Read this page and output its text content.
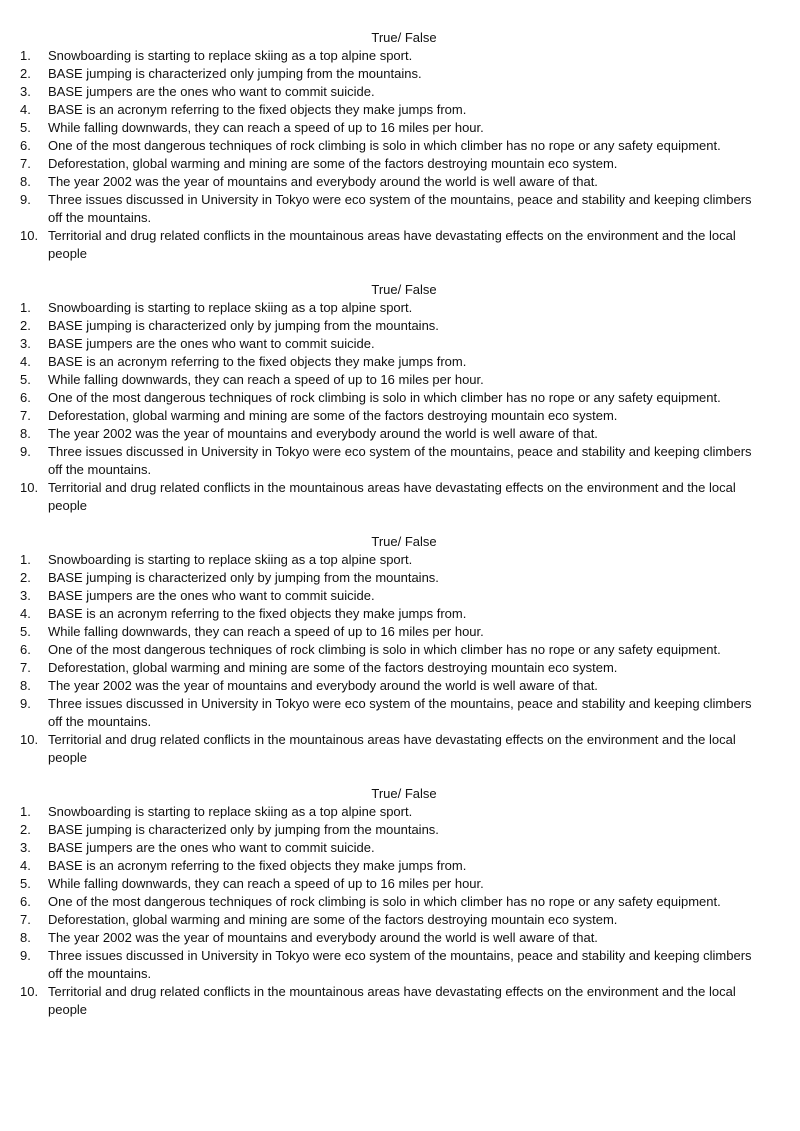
True/ False

1. Snowboarding is starting to replace skiing as a top alpine sport.
2. BASE jumping is characterized only jumping from the mountains.
3. BASE jumpers are the ones who want to commit suicide.
4. BASE is an acronym referring to the fixed objects they make jumps from.
5. While falling downwards, they can reach a speed of up to 16 miles per hour.
6. One of the most dangerous techniques of rock climbing is solo in which climber has no rope or any safety equipment.
7. Deforestation, global warming and mining are some of the factors destroying mountain eco system.
8. The year 2002 was the year of mountains and everybody around the world is well aware of that.
9. Three issues discussed in University in Tokyo were eco system of the mountains, peace and stability and keeping climbers off the mountains.
10. Territorial and drug related conflicts in the mountainous areas have devastating effects on the environment and the local people

True/ False

1. Snowboarding is starting to replace skiing as a top alpine sport.
2. BASE jumping is characterized only by jumping from the mountains.
3. BASE jumpers are the ones who want to commit suicide.
4. BASE is an acronym referring to the fixed objects they make jumps from.
5. While falling downwards, they can reach a speed of up to 16 miles per hour.
6. One of the most dangerous techniques of rock climbing is solo in which climber has no rope or any safety equipment.
7. Deforestation, global warming and mining are some of the factors destroying mountain eco system.
8. The year 2002 was the year of mountains and everybody around the world is well aware of that.
9. Three issues discussed in University in Tokyo were eco system of the mountains, peace and stability and keeping climbers off the mountains.
10. Territorial and drug related conflicts in the mountainous areas have devastating effects on the environment and the local people

True/ False

1. Snowboarding is starting to replace skiing as a top alpine sport.
2. BASE jumping is characterized only by jumping from the mountains.
3. BASE jumpers are the ones who want to commit suicide.
4. BASE is an acronym referring to the fixed objects they make jumps from.
5. While falling downwards, they can reach a speed of up to 16 miles per hour.
6. One of the most dangerous techniques of rock climbing is solo in which climber has no rope or any safety equipment.
7. Deforestation, global warming and mining are some of the factors destroying mountain eco system.
8. The year 2002 was the year of mountains and everybody around the world is well aware of that.
9. Three issues discussed in University in Tokyo were eco system of the mountains, peace and stability and keeping climbers off the mountains.
10. Territorial and drug related conflicts in the mountainous areas have devastating effects on the environment and the local people

True/ False

1. Snowboarding is starting to replace skiing as a top alpine sport.
2. BASE jumping is characterized only by jumping from the mountains.
3. BASE jumpers are the ones who want to commit suicide.
4. BASE is an acronym referring to the fixed objects they make jumps from.
5. While falling downwards, they can reach a speed of up to 16 miles per hour.
6. One of the most dangerous techniques of rock climbing is solo in which climber has no rope or any safety equipment.
7. Deforestation, global warming and mining are some of the factors destroying mountain eco system.
8. The year 2002 was the year of mountains and everybody around the world is well aware of that.
9. Three issues discussed in University in Tokyo were eco system of the mountains, peace and stability and keeping climbers off the mountains.
10. Territorial and drug related conflicts in the mountainous areas have devastating effects on the environment and the local people
